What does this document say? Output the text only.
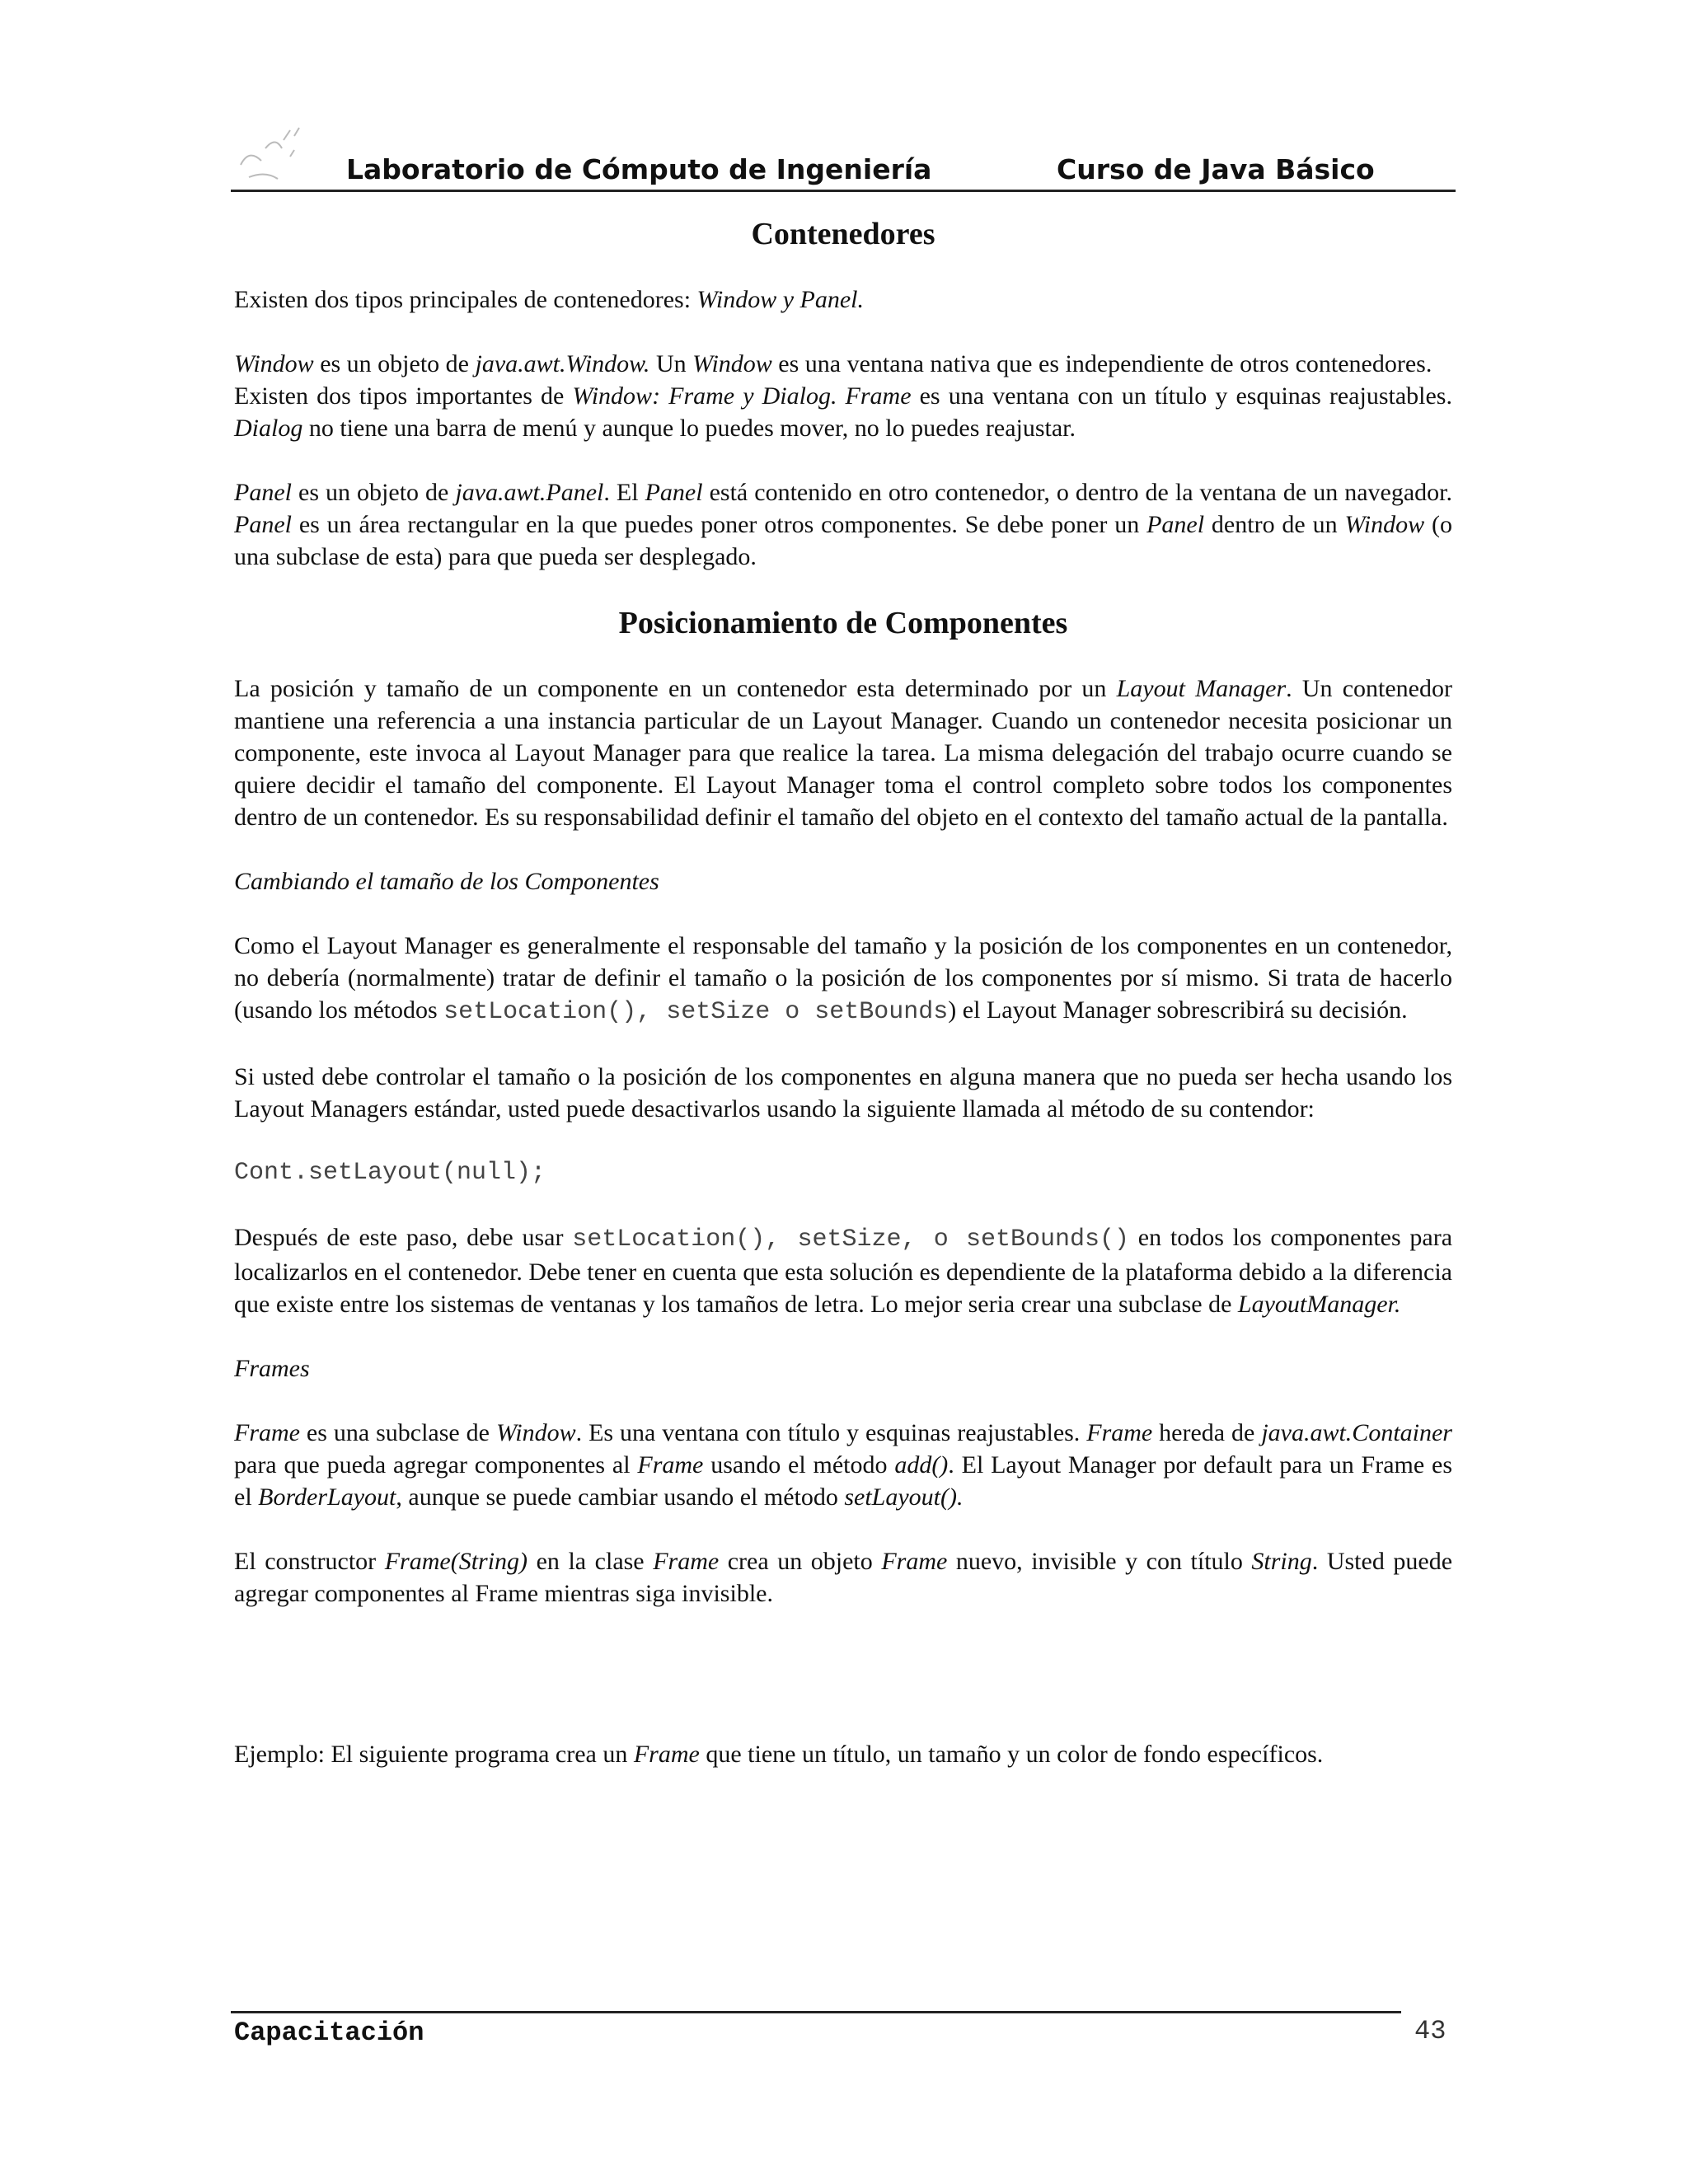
Laboratorio de Cómputo de Ingeniería	Curso de Java Básico
Contenedores

Existen dos tipos principales de contenedores: Window y Panel.

Window es un objeto de java.awt.Window. Un Window es una ventana nativa que es independiente de otros contenedores.

Existen dos tipos importantes de Window: Frame y Dialog. Frame es una ventana con un título y esquinas reajustables. Dialog no tiene una barra de menú y aunque lo puedes mover, no lo puedes reajustar.

Panel es un objeto de java.awt.Panel. El Panel está contenido en otro contenedor, o dentro de la ventana de un navegador. Panel es un área rectangular en la que puedes poner otros componentes. Se debe poner un Panel dentro de un Window (o una subclase de esta) para que pueda ser desplegado.

Posicionamiento de Componentes

La posición y tamaño de un componente en un contenedor esta determinado por un Layout Manager. Un contenedor mantiene una referencia a una instancia particular de un Layout Manager. Cuando un contenedor necesita posicionar un componente, este invoca al Layout Manager para que realice la tarea. La misma delegación del trabajo ocurre cuando se quiere decidir el tamaño del componente. El Layout Manager toma el control completo sobre todos los componentes dentro de un contenedor. Es su responsabilidad definir el tamaño del objeto en el contexto del tamaño actual de la pantalla.

Cambiando el tamaño de los Componentes

Como el Layout Manager es generalmente el responsable del tamaño y la posición de los componentes en un contenedor, no debería (normalmente) tratar de definir el tamaño o la posición de los componentes por sí mismo. Si trata de hacerlo (usando los métodos setLocation(), setSize o setBounds) el Layout Manager sobrescribirá su decisión.

Si usted debe controlar el tamaño o la posición de los componentes en alguna manera que no pueda ser hecha usando los Layout Managers estándar, usted puede desactivarlos usando la siguiente llamada al método de su contendor:

Cont.setLayout(null);

Después de este paso, debe usar setLocation(), setSize, o setBounds() en todos los componentes para localizarlos en el contenedor. Debe tener en cuenta que esta solución es dependiente de la plataforma debido a la diferencia que existe entre los sistemas de ventanas y los tamaños de letra. Lo mejor seria crear una subclase de LayoutManager.

Frames

Frame es una subclase de Window. Es una ventana con título y esquinas reajustables. Frame hereda de java.awt.Container para que pueda agregar componentes al Frame usando el método add(). El Layout Manager por default para un Frame es el BorderLayout, aunque se puede cambiar usando el método setLayout().

El constructor Frame(String) en la clase Frame crea un objeto Frame nuevo, invisible y con título String. Usted puede agregar componentes al Frame mientras siga invisible.

Ejemplo: El siguiente programa crea un Frame que tiene un título, un tamaño y un color de fondo específicos.

Capacitación	43
